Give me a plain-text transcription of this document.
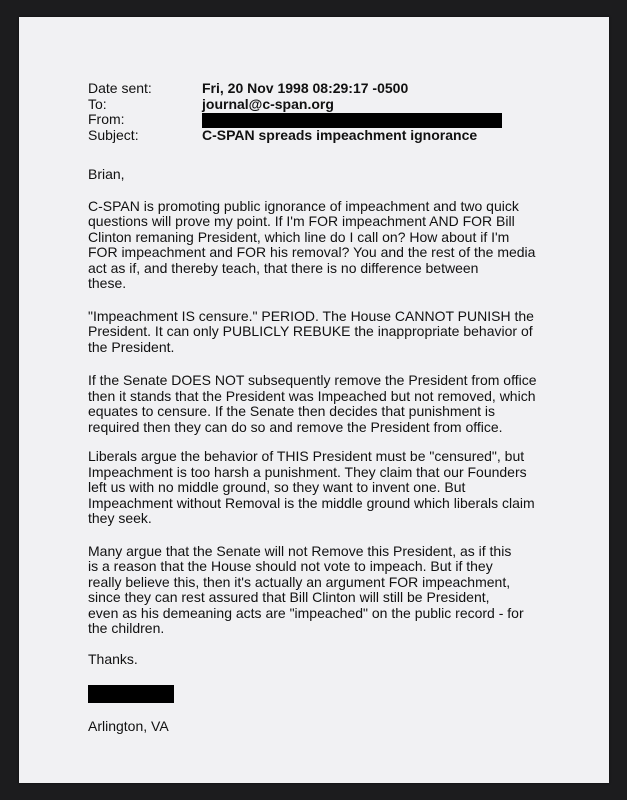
Date sent:	Fri, 20 Nov 1998 08:29:17 -0500
To:	journal@c-span.org
From:
Subject:	C-SPAN spreads impeachment ignorance

Brian,

C-SPAN is promoting public ignorance of impeachment and two quick
questions will prove my point. If I'm FOR impeachment AND FOR Bill
Clinton remaning President, which line do I call on? How about if I'm
FOR impeachment and FOR his removal? You and the rest of the media
act as if, and thereby teach, that there is no difference between
these.

"Impeachment IS censure." PERIOD. The House CANNOT PUNISH the
President. It can only PUBLICLY REBUKE the inappropriate behavior of
the President.

If the Senate DOES NOT subsequently remove the President from office
then it stands that the President was Impeached but not removed, which
equates to censure. If the Senate then decides that punishment is
required then they can do so and remove the President from office.

Liberals argue the behavior of THIS President must be "censured", but
Impeachment is too harsh a punishment. They claim that our Founders
left us with no middle ground, so they want to invent one. But
Impeachment without Removal is the middle ground which liberals claim
they seek.

Many argue that the Senate will not Remove this President, as if this
is a reason that the House should not vote to impeach. But if they
really believe this, then it's actually an argument FOR impeachment,
since they can rest assured that Bill Clinton will still be President,
even as his demeaning acts are "impeached" on the public record - for
the children.

Thanks.

Arlington, VA
